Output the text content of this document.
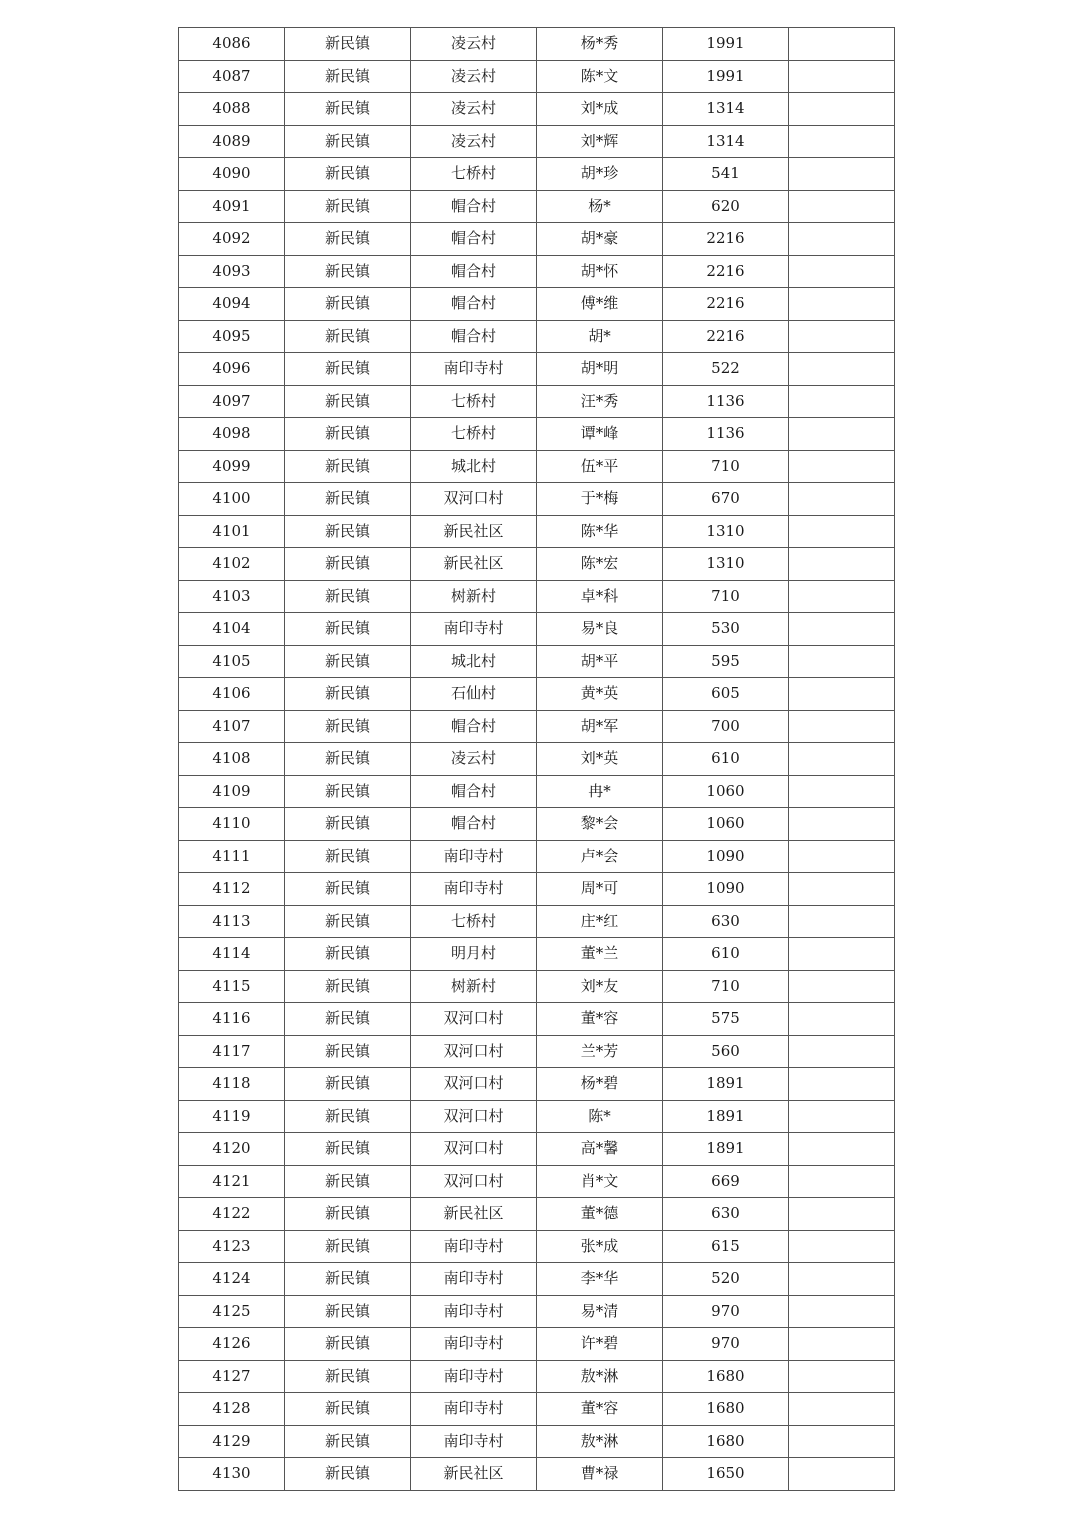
4086	新民镇	凌云村	杨*秀	1991	
4087	新民镇	凌云村	陈*文	1991	
4088	新民镇	凌云村	刘*成	1314	
4089	新民镇	凌云村	刘*辉	1314	
4090	新民镇	七桥村	胡*珍	541	
4091	新民镇	帽合村	杨*	620	
4092	新民镇	帽合村	胡*豪	2216	
4093	新民镇	帽合村	胡*怀	2216	
4094	新民镇	帽合村	傅*维	2216	
4095	新民镇	帽合村	胡*	2216	
4096	新民镇	南印寺村	胡*明	522	
4097	新民镇	七桥村	汪*秀	1136	
4098	新民镇	七桥村	谭*峰	1136	
4099	新民镇	城北村	伍*平	710	
4100	新民镇	双河口村	于*梅	670	
4101	新民镇	新民社区	陈*华	1310	
4102	新民镇	新民社区	陈*宏	1310	
4103	新民镇	树新村	卓*科	710	
4104	新民镇	南印寺村	易*良	530	
4105	新民镇	城北村	胡*平	595	
4106	新民镇	石仙村	黄*英	605	
4107	新民镇	帽合村	胡*军	700	
4108	新民镇	凌云村	刘*英	610	
4109	新民镇	帽合村	冉*	1060	
4110	新民镇	帽合村	黎*会	1060	
4111	新民镇	南印寺村	卢*会	1090	
4112	新民镇	南印寺村	周*可	1090	
4113	新民镇	七桥村	庄*红	630	
4114	新民镇	明月村	董*兰	610	
4115	新民镇	树新村	刘*友	710	
4116	新民镇	双河口村	董*容	575	
4117	新民镇	双河口村	兰*芳	560	
4118	新民镇	双河口村	杨*碧	1891	
4119	新民镇	双河口村	陈*	1891	
4120	新民镇	双河口村	高*馨	1891	
4121	新民镇	双河口村	肖*文	669	
4122	新民镇	新民社区	董*德	630	
4123	新民镇	南印寺村	张*成	615	
4124	新民镇	南印寺村	李*华	520	
4125	新民镇	南印寺村	易*清	970	
4126	新民镇	南印寺村	许*碧	970	
4127	新民镇	南印寺村	敖*淋	1680	
4128	新民镇	南印寺村	董*容	1680	
4129	新民镇	南印寺村	敖*淋	1680	
4130	新民镇	新民社区	曹*禄	1650	
